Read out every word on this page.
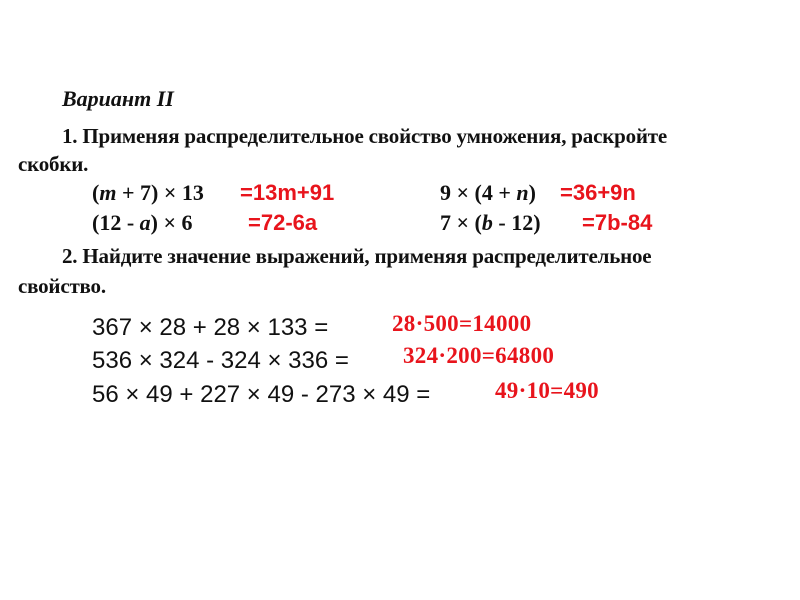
Вариант II
1. Применяя распределительное свойство умножения, раскройте
скобки.
(m + 7) × 13 =13m+91
(12 - a) × 6	=72-6a
9 × (4 + n) =36+9n
7 × (b - 12) =7b-84
2. Найдите значение выражений, применяя распределительное
свойство.
367 × 28 + 28 × 133 =	28·500=14000
536 × 324 - 324 × 336 = 324·200=64800
56 × 49 + 227 × 49 - 273 × 49 =	49·10=490
